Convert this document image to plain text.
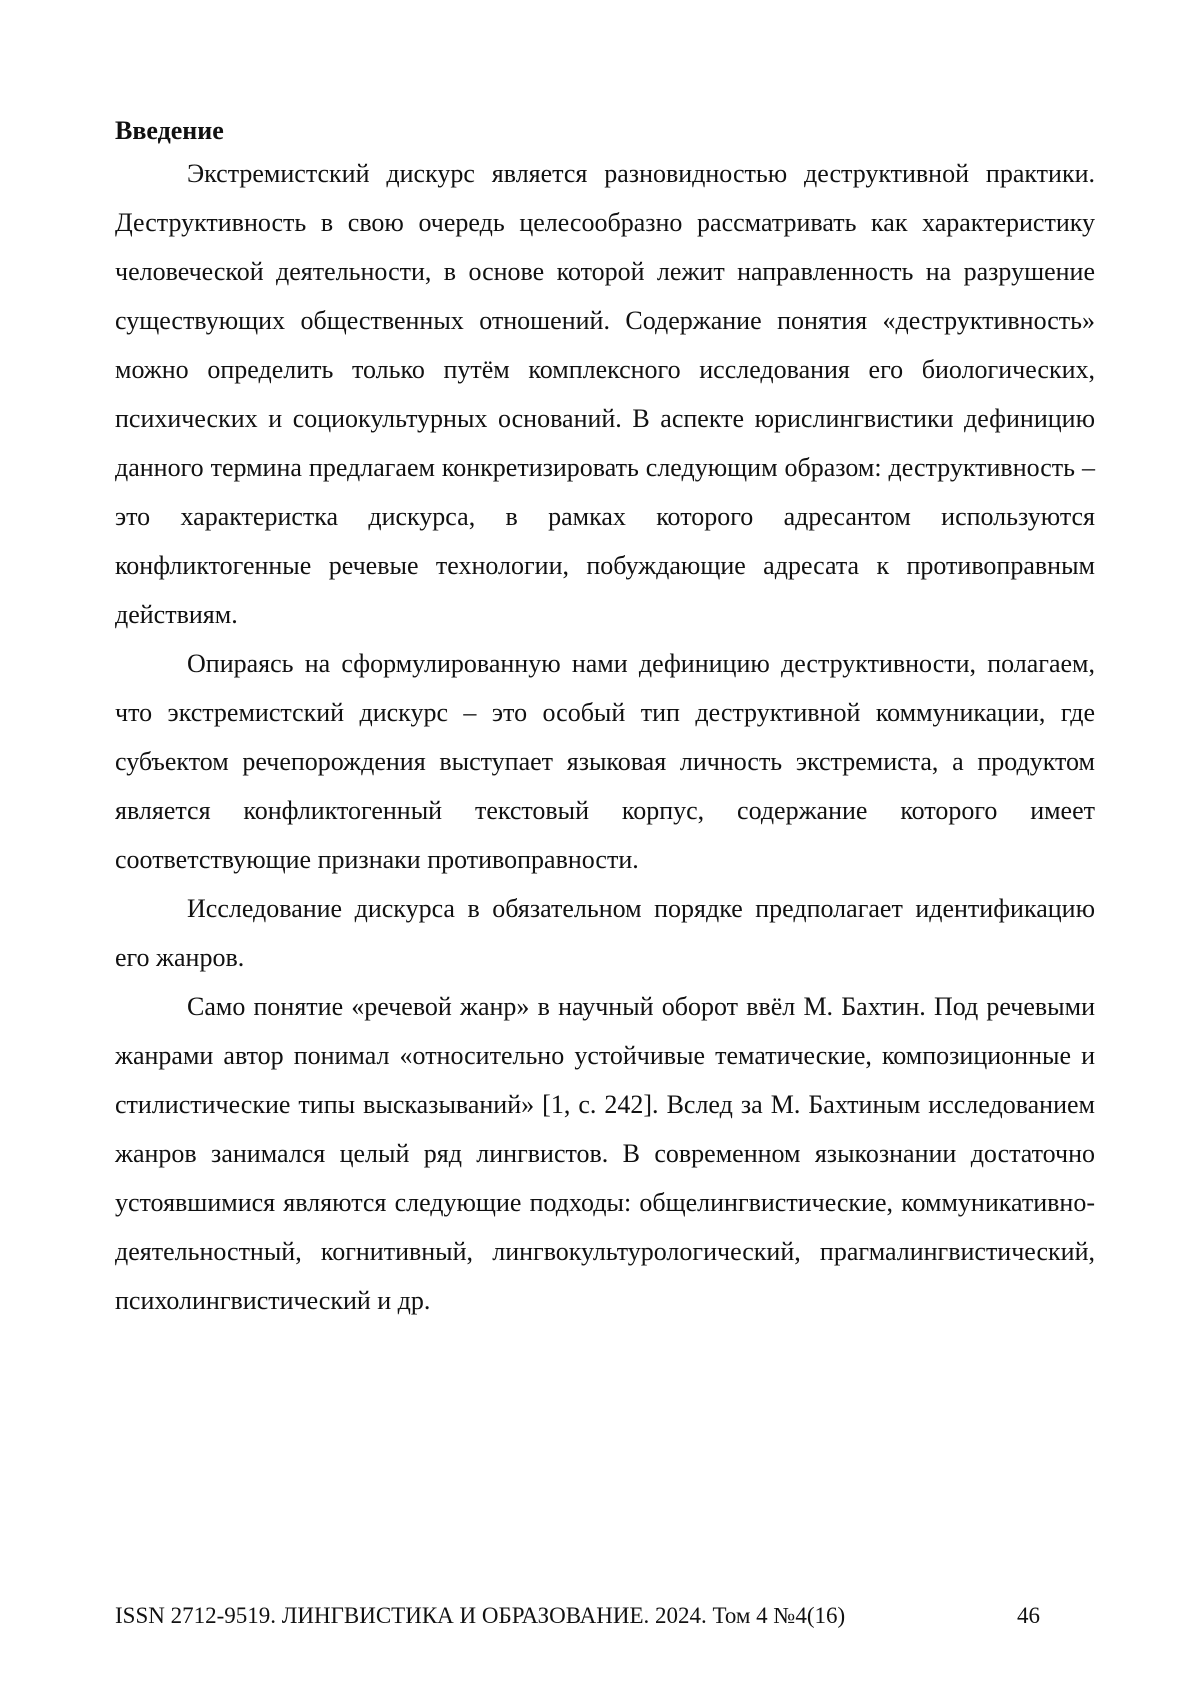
Введение

Экстремистский дискурс является разновидностью деструктивной практики. Деструктивность в свою очередь целесообразно рассматривать как характеристику человеческой деятельности, в основе которой лежит направленность на разрушение существующих общественных отношений. Содержание понятия «деструктивность» можно определить только путём комплексного исследования его биологических, психических и социокультурных оснований. В аспекте юрислингвистики дефиницию данного термина предлагаем конкретизировать следующим образом: деструктивность – это характеристка дискурса, в рамках которого адресантом используются конфликтогенные речевые технологии, побуждающие адресата к противоправным действиям.

Опираясь на сформулированную нами дефиницию деструктивности, полагаем, что экстремистский дискурс – это особый тип деструктивной коммуникации, где субъектом речепорождения выступает языковая личность экстремиста, а продуктом является конфликтогенный текстовый корпус, содержание которого имеет соответствующие признаки противоправности.

Исследование дискурса в обязательном порядке предполагает идентификацию его жанров.

Само понятие «речевой жанр» в научный оборот ввёл М. Бахтин. Под речевыми жанрами автор понимал «относительно устойчивые тематические, композиционные и стилистические типы высказываний» [1, с. 242]. Вслед за М. Бахтиным исследованием жанров занимался целый ряд лингвистов. В современном языкознании достаточно устоявшимися являются следующие подходы: общелингвистические, коммуникативно-деятельностный, когнитивный, лингвокультурологический, прагмалингвистический, психолингвистический и др.

ISSN 2712-9519. ЛИНГВИСТИКА И ОБРАЗОВАНИЕ. 2024. Том 4 №4(16)	46
